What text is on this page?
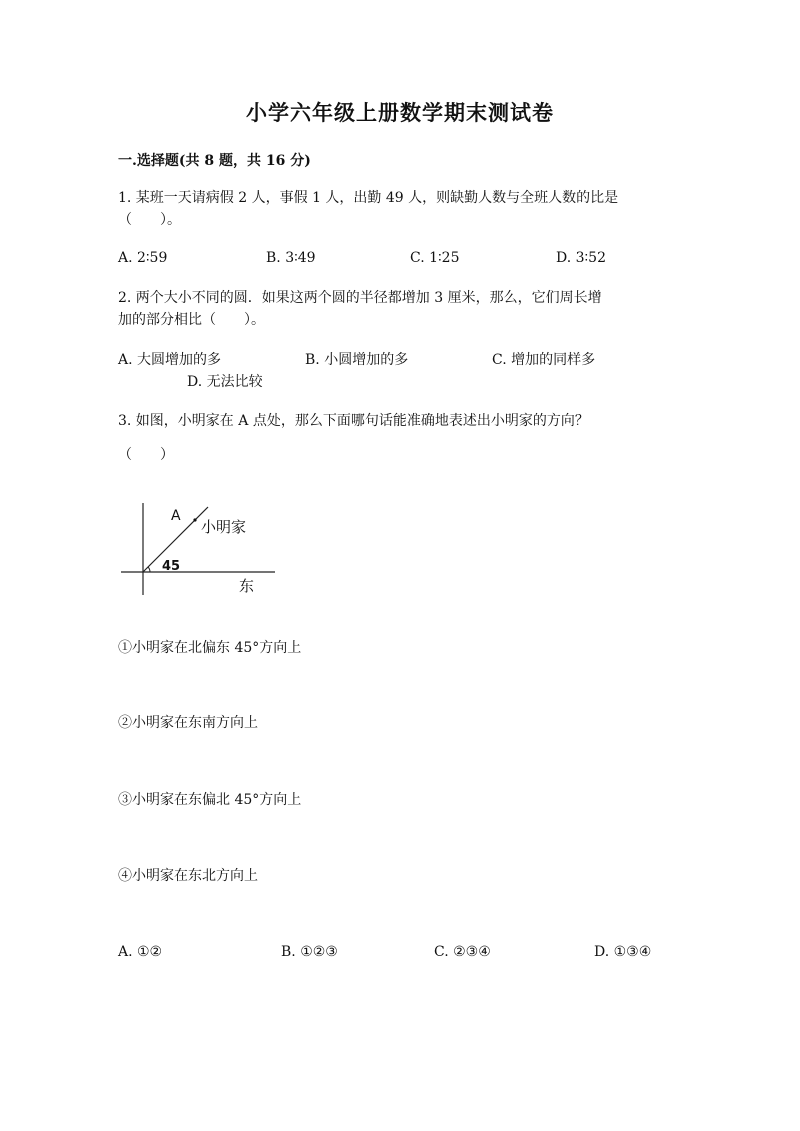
小学六年级上册数学期末测试卷
一.选择题(共 8 题，共 16 分)
1. 某班一天请病假 2 人，事假 1 人，出勤 49 人，则缺勤人数与全班人数的比是
（　　）。
A. 2∶59	B. 3∶49	C. 1∶25	D. 3∶52
2. 两个大小不同的圆．如果这两个圆的半径都增加 3 厘米，那么，它们周长增
加的部分相比（　　）。
A. 大圆增加的多	B. 小圆增加的多	C. 增加的同样多
D. 无法比较
3. 如图，小明家在 A 点处，那么下面哪句话能准确地表述出小明家的方向？
（　　）
A
小明家
45
东
①小明家在北偏东 45°方向上
②小明家在东南方向上
③小明家在东偏北 45°方向上
④小明家在东北方向上
A. ①②	B. ①②③	C. ②③④	D. ①③④
